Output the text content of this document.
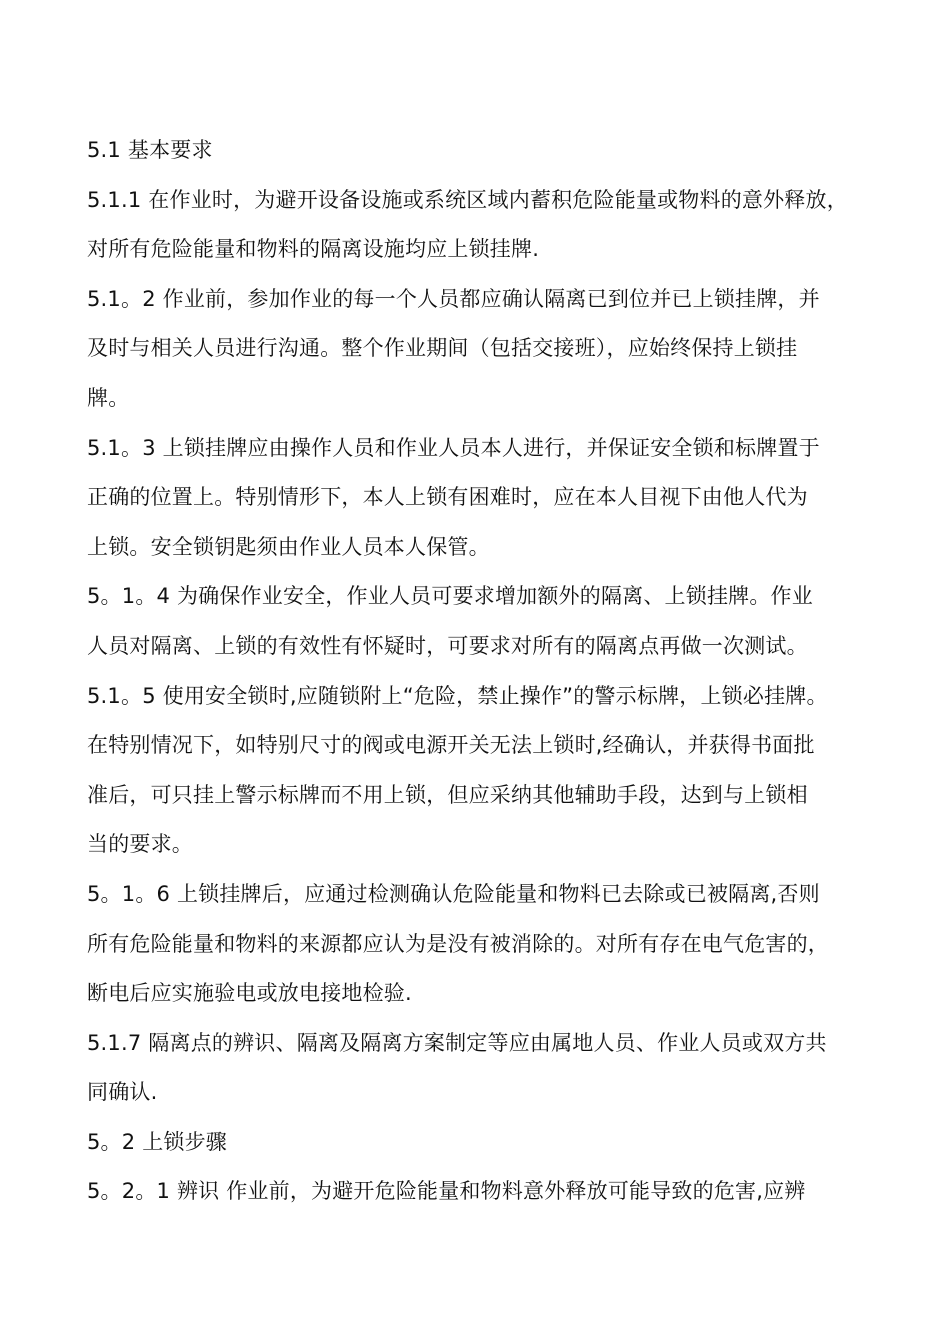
5.1 基本要求
5.1.1 在作业时，为避开设备设施或系统区域内蓄积危险能量或物料的意外释放，
对所有危险能量和物料的隔离设施均应上锁挂牌.
5.1。2 作业前，参加作业的每一个人员都应确认隔离已到位并已上锁挂牌，并
及时与相关人员进行沟通。整个作业期间（包括交接班），应始终保持上锁挂
牌。
5.1。3 上锁挂牌应由操作人员和作业人员本人进行，并保证安全锁和标牌置于
正确的位置上。特别情形下，本人上锁有困难时，应在本人目视下由他人代为
上锁。安全锁钥匙须由作业人员本人保管。
5。1。4 为确保作业安全，作业人员可要求增加额外的隔离、上锁挂牌。作业
人员对隔离、上锁的有效性有怀疑时，可要求对所有的隔离点再做一次测试。
5.1。5 使用安全锁时,应随锁附上“危险，禁止操作”的警示标牌，上锁必挂牌。
在特别情况下，如特别尺寸的阀或电源开关无法上锁时,经确认，并获得书面批
准后，可只挂上警示标牌而不用上锁，但应采纳其他辅助手段，达到与上锁相
当的要求。
5。1。6 上锁挂牌后，应通过检测确认危险能量和物料已去除或已被隔离,否则
所有危险能量和物料的来源都应认为是没有被消除的。对所有存在电气危害的，
断电后应实施验电或放电接地检验.
5.1.7 隔离点的辨识、隔离及隔离方案制定等应由属地人员、作业人员或双方共
同确认.
5。2 上锁步骤
5。2。1 辨识 作业前，为避开危险能量和物料意外释放可能导致的危害,应辨
